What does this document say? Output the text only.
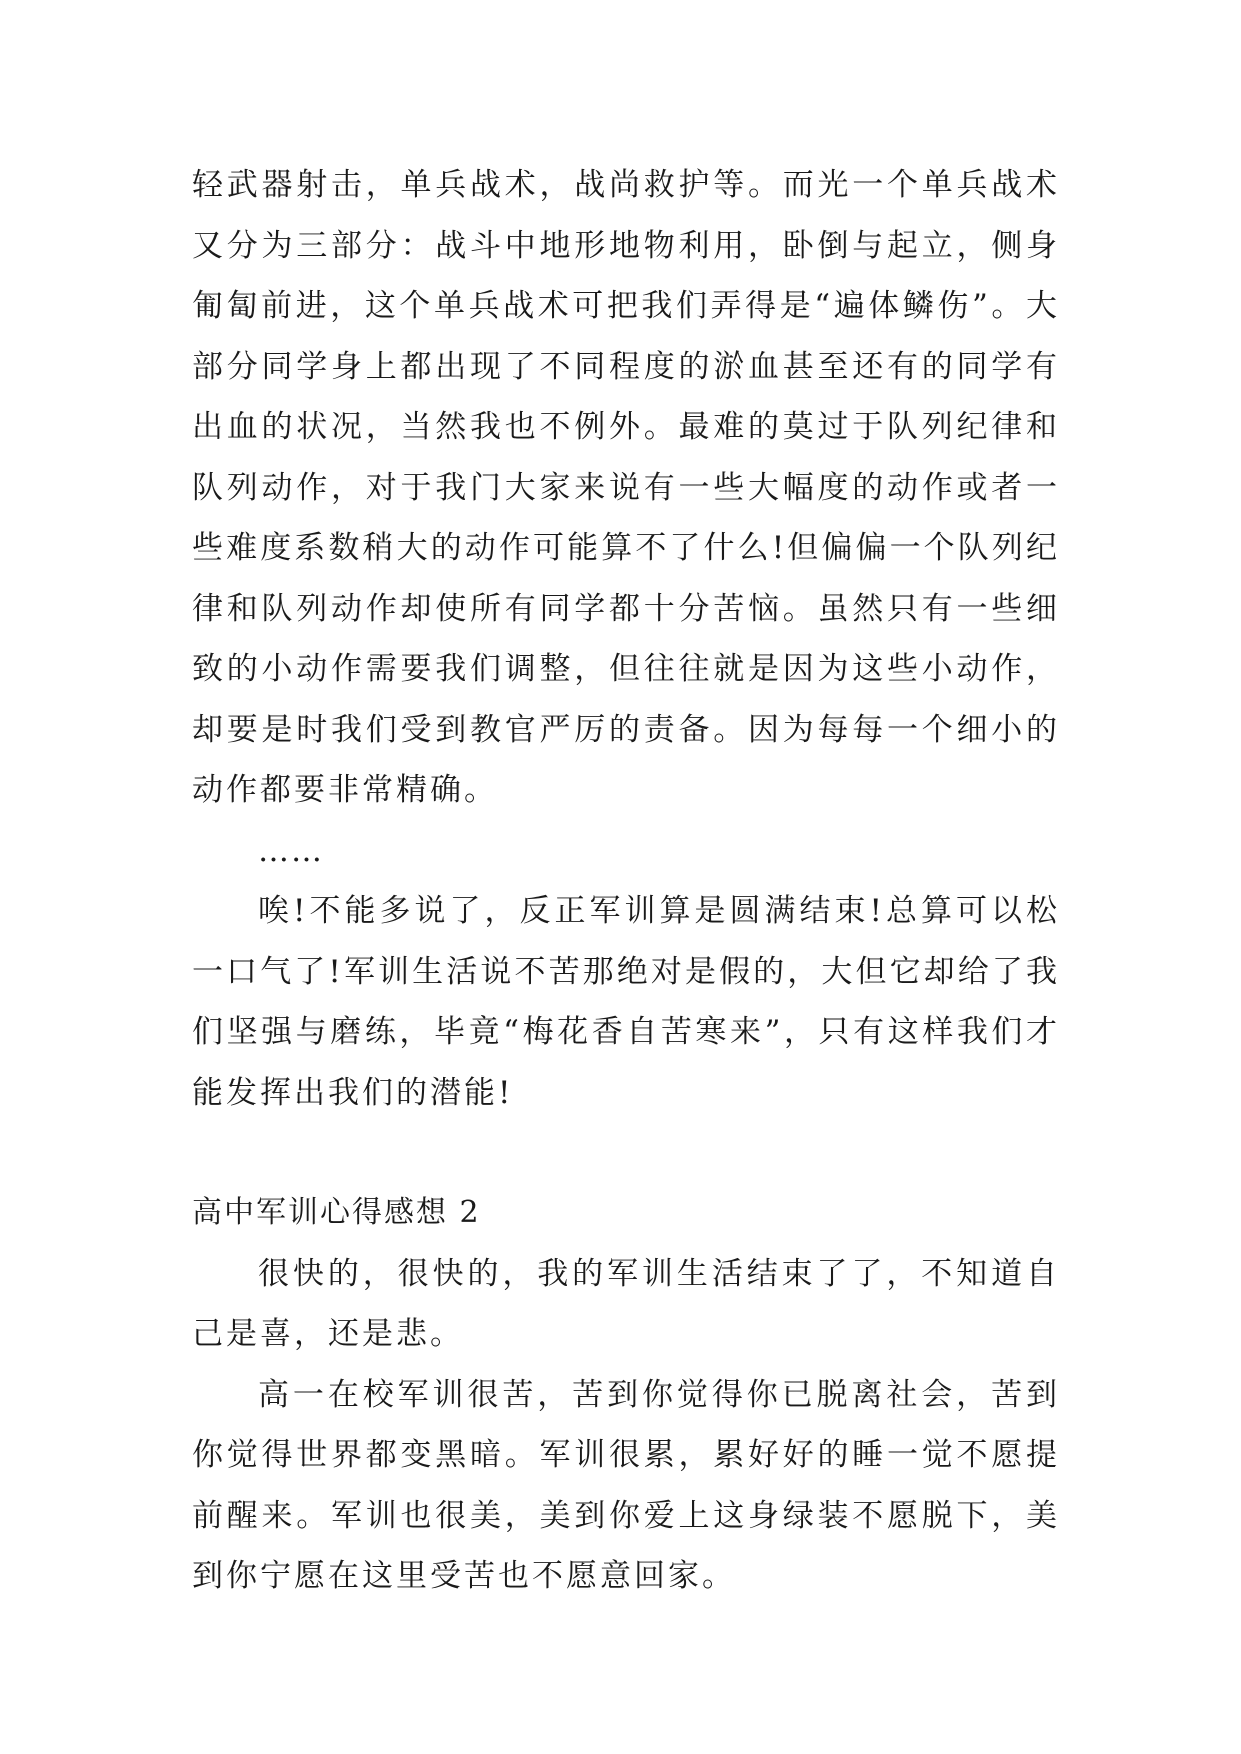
轻武器射击，单兵战术，战尚救护等。而光一个单兵战术又分为三部分：战斗中地形地物利用，卧倒与起立，侧身匍匐前进，这个单兵战术可把我们弄得是“遍体鳞伤”。大部分同学身上都出现了不同程度的淤血甚至还有的同学有出血的状况，当然我也不例外。最难的莫过于队列纪律和队列动作，对于我门大家来说有一些大幅度的动作或者一些难度系数稍大的动作可能算不了什么!但偏偏一个队列纪律和队列动作却使所有同学都十分苦恼。虽然只有一些细致的小动作需要我们调整，但往往就是因为这些小动作，却要是时我们受到教官严厉的责备。因为每每一个细小的动作都要非常精确。

……

唉!不能多说了，反正军训算是圆满结束!总算可以松一口气了!军训生活说不苦那绝对是假的，大但它却给了我们坚强与磨练，毕竟“梅花香自苦寒来”，只有这样我们才能发挥出我们的潜能!

高中军训心得感想 2

很快的，很快的，我的军训生活结束了了，不知道自己是喜，还是悲。

高一在校军训很苦，苦到你觉得你已脱离社会，苦到你觉得世界都变黑暗。军训很累，累好好的睡一觉不愿提前醒来。军训也很美，美到你爱上这身绿装不愿脱下，美到你宁愿在这里受苦也不愿意回家。
